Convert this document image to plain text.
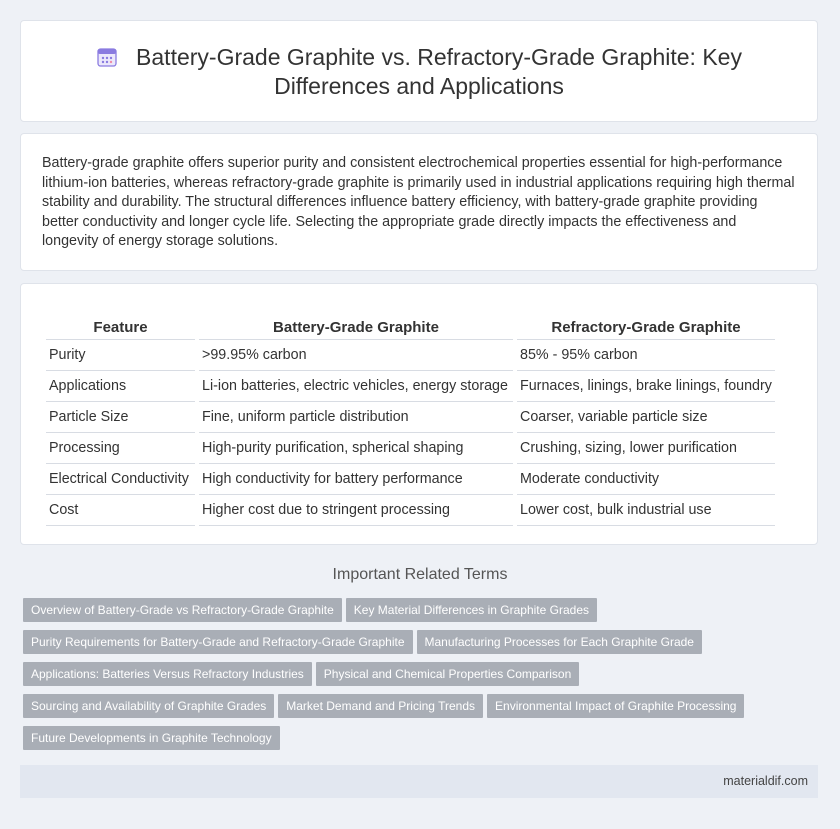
Battery-Grade Graphite vs. Refractory-Grade Graphite: Key
Differences and Applications
Battery-grade graphite offers superior purity and consistent electrochemical properties essential for high-performance lithium-ion batteries, whereas refractory-grade graphite is primarily used in industrial applications requiring high thermal stability and durability. The structural differences influence battery efficiency, with battery-grade graphite providing better conductivity and longer cycle life. Selecting the appropriate grade directly impacts the effectiveness and longevity of energy storage solutions.
Feature	Battery-Grade Graphite	Refractory-Grade Graphite
Purity	>99.95% carbon	85% - 95% carbon
Applications	Li-ion batteries, electric vehicles, energy storage	Furnaces, linings, brake linings, foundry
Particle Size	Fine, uniform particle distribution	Coarser, variable particle size
Processing	High-purity purification, spherical shaping	Crushing, sizing, lower purification
Electrical Conductivity	High conductivity for battery performance	Moderate conductivity
Cost	Higher cost due to stringent processing	Lower cost, bulk industrial use
Important Related Terms
Overview of Battery-Grade vs Refractory-Grade Graphite Key Material Differences in Graphite Grades
Purity Requirements for Battery-Grade and Refractory-Grade Graphite Manufacturing Processes for Each Graphite Grade
Applications: Batteries Versus Refractory Industries Physical and Chemical Properties Comparison
Sourcing and Availability of Graphite Grades Market Demand and Pricing Trends Environmental Impact of Graphite Processing
Future Developments in Graphite Technology
materialdif.com
